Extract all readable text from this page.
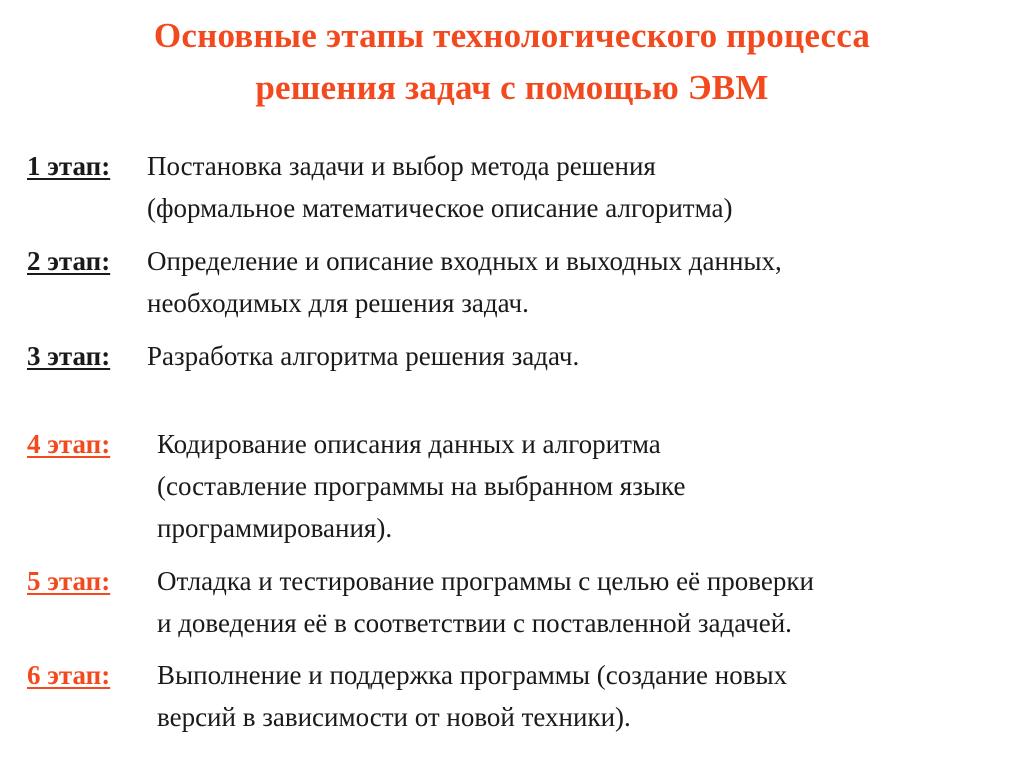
Основные этапы технологического процесса
решения задач с помощью ЭВМ
1 этап: Постановка задачи и выбор метода решения
(формальное математическое описание алгоритма)
2 этап: Определение и описание входных и выходных данных,
необходимых для решения задач.
3 этап: Разработка алгоритма решения задач.
4 этап: Кодирование описания данных и алгоритма
(составление программы на выбранном языке
программирования).
5 этап: Отладка и тестирование программы с целью её проверки
и доведения её в соответствии с поставленной задачей.
6 этап: Выполнение и поддержка программы (создание новых
версий в зависимости от новой техники).
